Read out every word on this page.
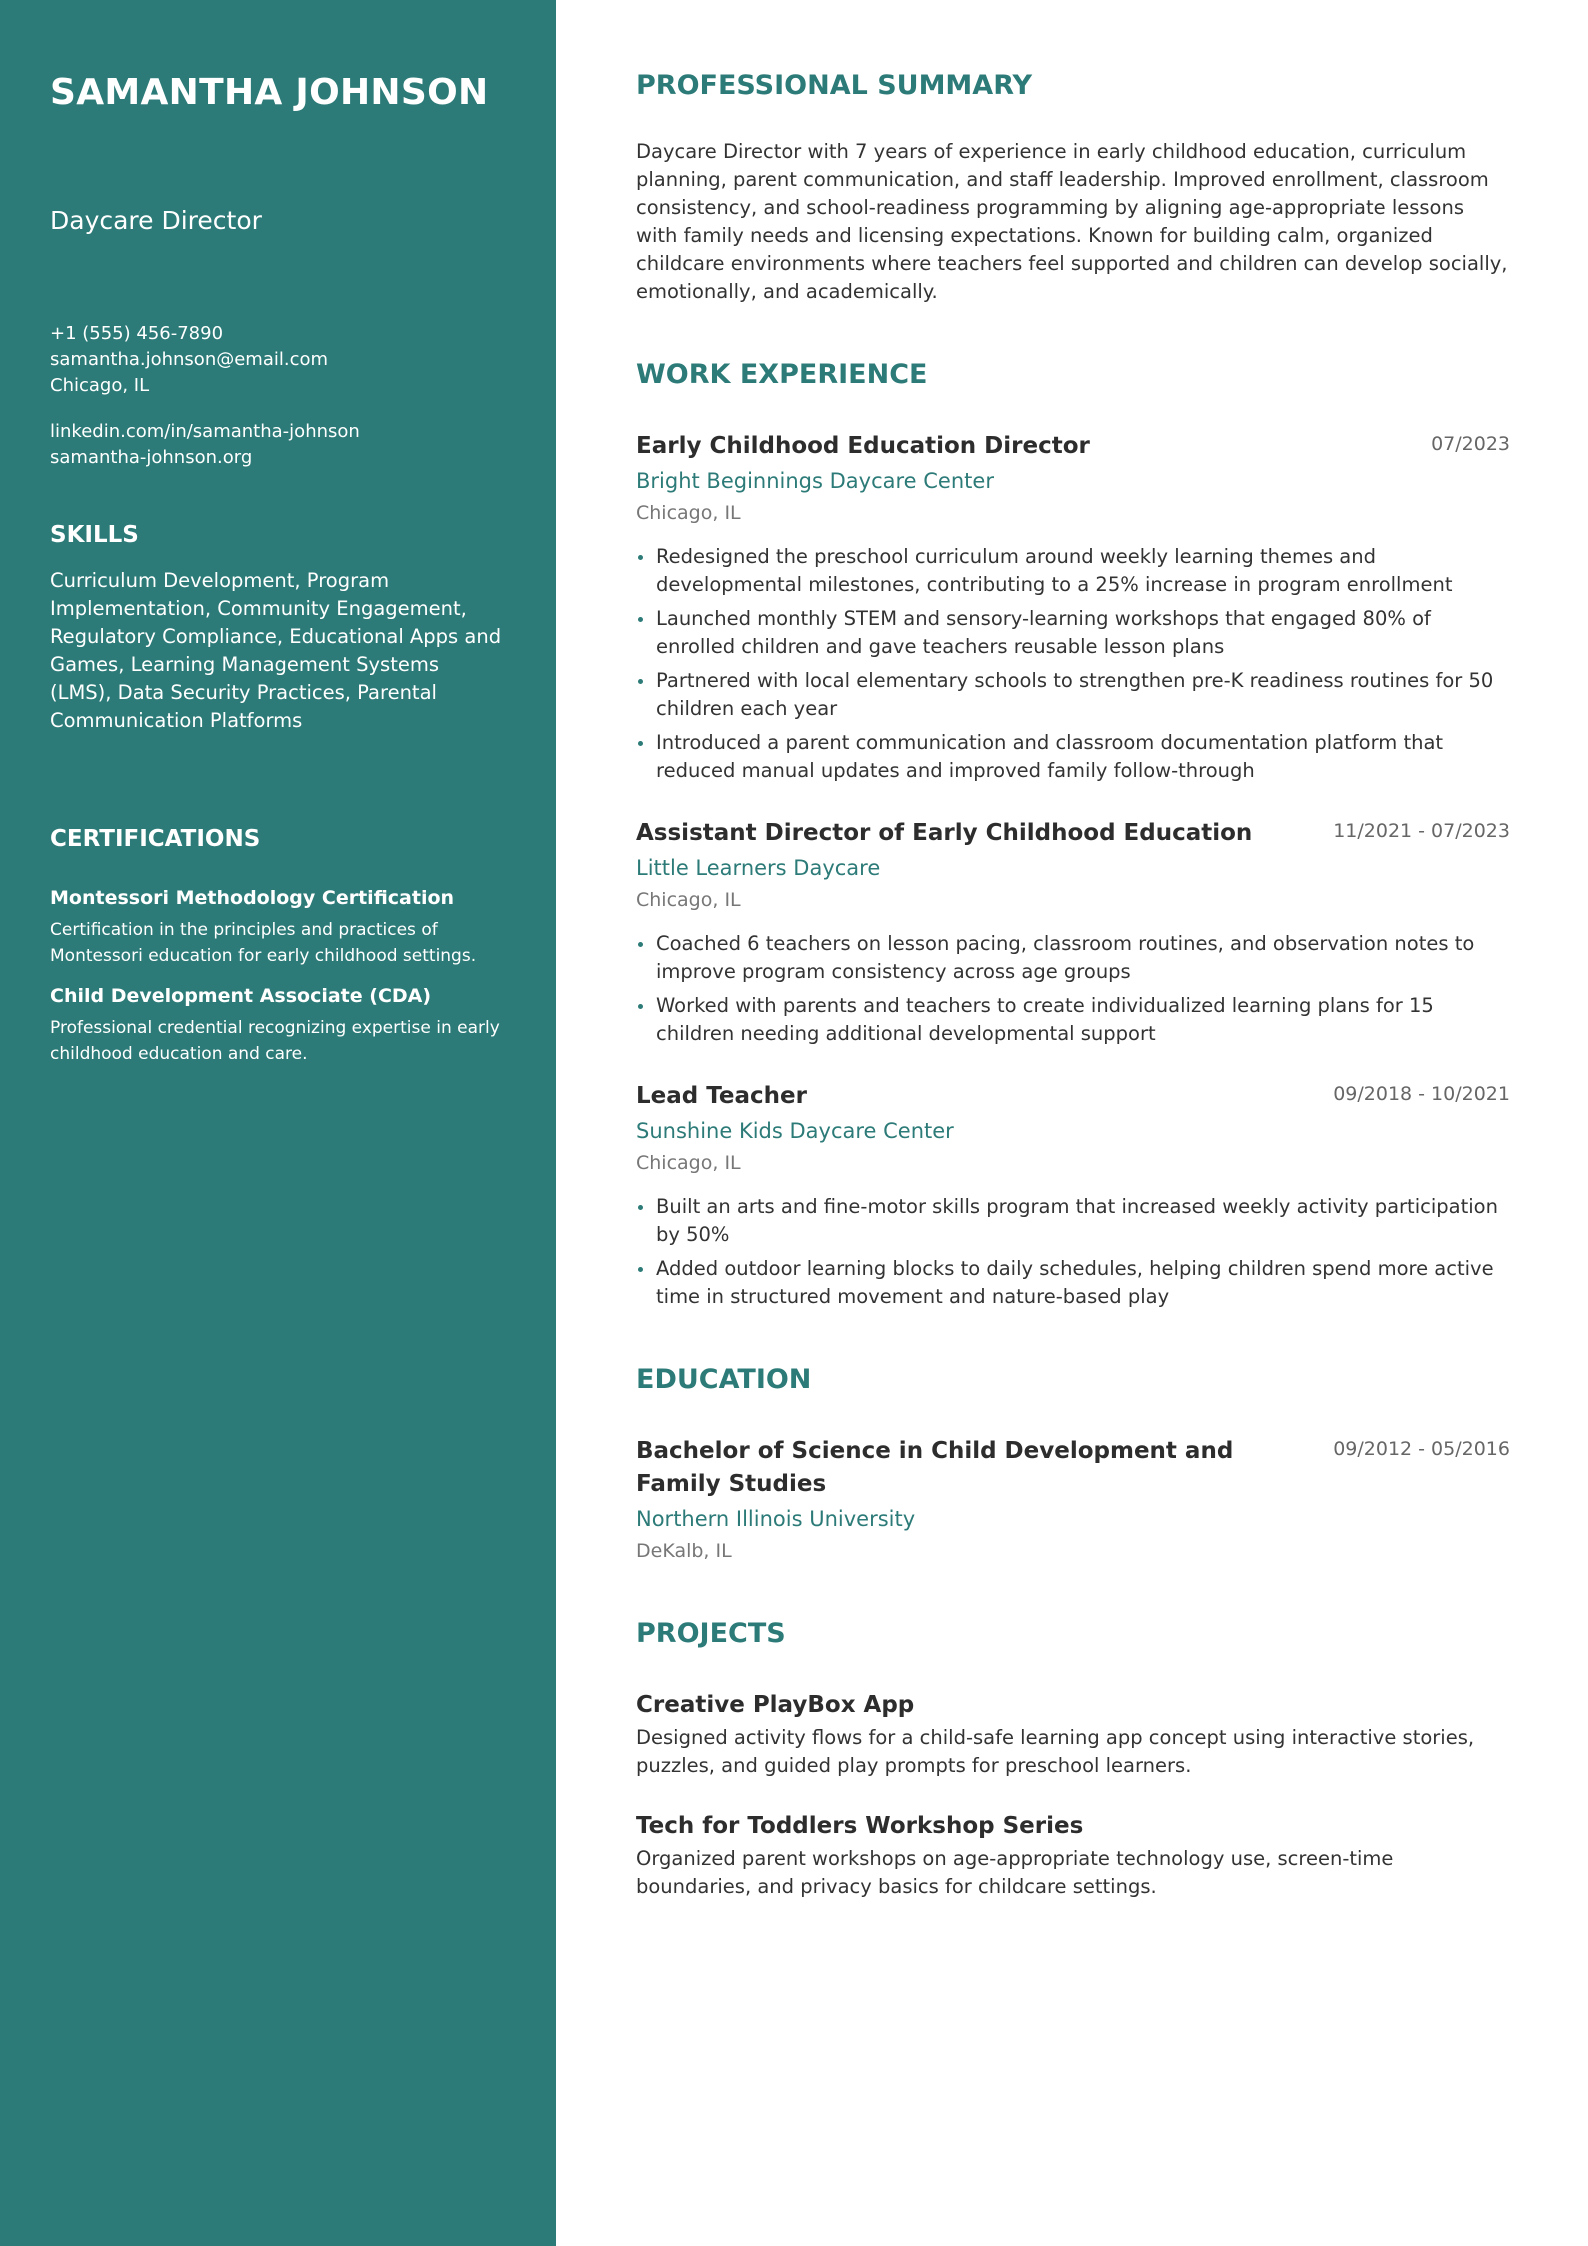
SAMANTHA JOHNSON
Daycare Director
+1 (555) 456-7890
samantha.johnson@email.com
Chicago, IL
linkedin.com/in/samantha-johnson
samantha-johnson.org
SKILLS
Curriculum Development, Program Implementation, Community Engagement, Regulatory Compliance, Educational Apps and Games, Learning Management Systems (LMS), Data Security Practices, Parental Communication Platforms
CERTIFICATIONS
Montessori Methodology Certification
Certification in the principles and practices of Montessori education for early childhood settings.
Child Development Associate (CDA)
Professional credential recognizing expertise in early childhood education and care.
PROFESSIONAL SUMMARY
Daycare Director with 7 years of experience in early childhood education, curriculum planning, parent communication, and staff leadership. Improved enrollment, classroom consistency, and school-readiness programming by aligning age-appropriate lessons with family needs and licensing expectations. Known for building calm, organized childcare environments where teachers feel supported and children can develop socially, emotionally, and academically.
WORK EXPERIENCE
Early Childhood Education Director	07/2023
Bright Beginnings Daycare Center
Chicago, IL
Redesigned the preschool curriculum around weekly learning themes and developmental milestones, contributing to a 25% increase in program enrollment
Launched monthly STEM and sensory-learning workshops that engaged 80% of enrolled children and gave teachers reusable lesson plans
Partnered with local elementary schools to strengthen pre-K readiness routines for 50 children each year
Introduced a parent communication and classroom documentation platform that reduced manual updates and improved family follow-through
Assistant Director of Early Childhood Education	11/2021 - 07/2023
Little Learners Daycare
Chicago, IL
Coached 6 teachers on lesson pacing, classroom routines, and observation notes to improve program consistency across age groups
Worked with parents and teachers to create individualized learning plans for 15 children needing additional developmental support
Lead Teacher	09/2018 - 10/2021
Sunshine Kids Daycare Center
Chicago, IL
Built an arts and fine-motor skills program that increased weekly activity participation by 50%
Added outdoor learning blocks to daily schedules, helping children spend more active time in structured movement and nature-based play
EDUCATION
Bachelor of Science in Child Development and Family Studies
09/2012 - 05/2016
Northern Illinois University
DeKalb, IL
PROJECTS
Creative PlayBox App
Designed activity flows for a child-safe learning app concept using interactive stories, puzzles, and guided play prompts for preschool learners.
Tech for Toddlers Workshop Series
Organized parent workshops on age-appropriate technology use, screen-time boundaries, and privacy basics for childcare settings.
